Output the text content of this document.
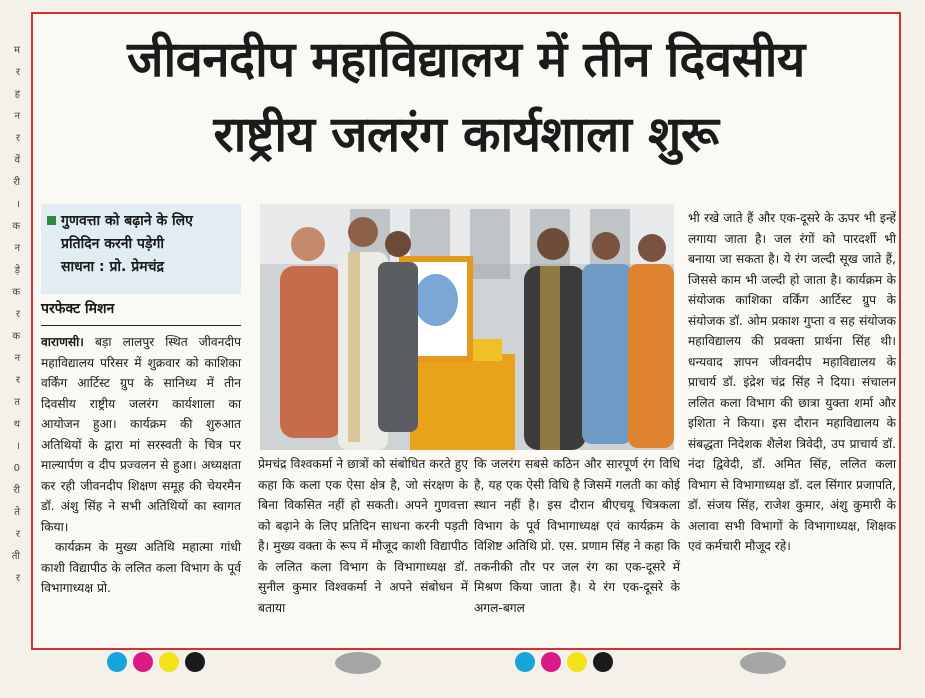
म
र
ह
न
र
वें
री
।
क
न
ड़े
क
र
क
न
र
त
थ
।
0
री
ते
र
ती
र
जीवनदीप महाविद्यालय में तीन दिवसीय
राष्ट्रीय जलरंग कार्यशाला शुरू
गुणवत्ता को बढ़ाने के लिए
प्रतिदिन करनी पड़ेगी
साधना : प्रो. प्रेमचंद्र
परफेक्ट मिशन

वाराणसी। बड़ा लालपुर स्थित जीवनदीप महाविद्यालय परिसर में शुक्रवार को काशिका वर्किंग आर्टिस्ट ग्रुप के सानिध्य में तीन दिवसीय राष्ट्रीय जलरंग कार्यशाला का आयोजन हुआ। कार्यक्रम की शुरुआत अतिथियों के द्वारा मां सरस्वती के चित्र पर माल्यार्पण व दीप प्रज्वलन से हुआ। अध्यक्षता कर रही जीवनदीप शिक्षण समूह की चेयरमैन डॉ. अंशु सिंह ने सभी अतिथियों का स्वागत किया।

कार्यक्रम के मुख्य अतिथि महात्मा गांधी काशी विद्यापीठ के ललित कला विभाग के पूर्व विभागाध्यक्ष प्रो.

प्रेमचंद्र विश्वकर्मा ने छात्रों को संबोधित करते हुए कहा कि कला एक ऐसा क्षेत्र है, जो संरक्षण के बिना विकसित नहीं हो सकती। अपने गुणवत्ता को बढ़ाने के लिए प्रतिदिन साधना करनी पड़ती है। मुख्य वक्ता के रूप में मौजूद काशी विद्यापीठ के ललित कला विभाग के विभागाध्यक्ष डॉ. सुनील कुमार विश्वकर्मा ने अपने संबोधन में बताया
कि जलरंग सबसे कठिन और सारपूर्ण रंग विधि है, यह एक ऐसी विधि है जिसमें गलती का कोई स्थान नहीं है। इस दौरान बीएचयू चित्रकला विभाग के पूर्व विभागाध्यक्ष एवं कार्यक्रम के विशिष्ट अतिथि प्रो. एस. प्रणाम सिंह ने कहा कि तकनीकी तौर पर जल रंग का एक-दूसरे में मिश्रण किया जाता है। ये रंग एक-दूसरे के अगल-बगल
भी रखे जाते हैं और एक-दूसरे के ऊपर भी इन्हें लगाया जाता है। जल रंगों को पारदर्शी भी बनाया जा सकता है। ये रंग जल्दी सूख जाते हैं, जिससे काम भी जल्दी हो जाता है। कार्यक्रम के संयोजक काशिका वर्किंग आर्टिस्ट ग्रुप के संयोजक डॉ. ओम प्रकाश गुप्ता व सह संयोजक महाविद्यालय की प्रवक्ता प्रार्थना सिंह थी। धन्यवाद ज्ञापन जीवनदीप महाविद्यालय के प्राचार्य डॉ. इंद्रेश चंद्र सिंह ने दिया। संचालन ललित कला विभाग की छात्रा युक्ता शर्मा और इशिता ने किया। इस दौरान महाविद्यालय के संबद्धता निदेशक शैलेश त्रिवेदी, उप प्राचार्य डॉ. नंदा द्विवेदी, डॉ. अमित सिंह, ललित कला विभाग से विभागाध्यक्ष डॉ. दल सिंगार प्रजापति, डॉ. संजय सिंह, राजेश कुमार, अंशु कुमारी के अलावा सभी विभागों के विभागाध्यक्ष, शिक्षक एवं कर्मचारी मौजूद रहे।
